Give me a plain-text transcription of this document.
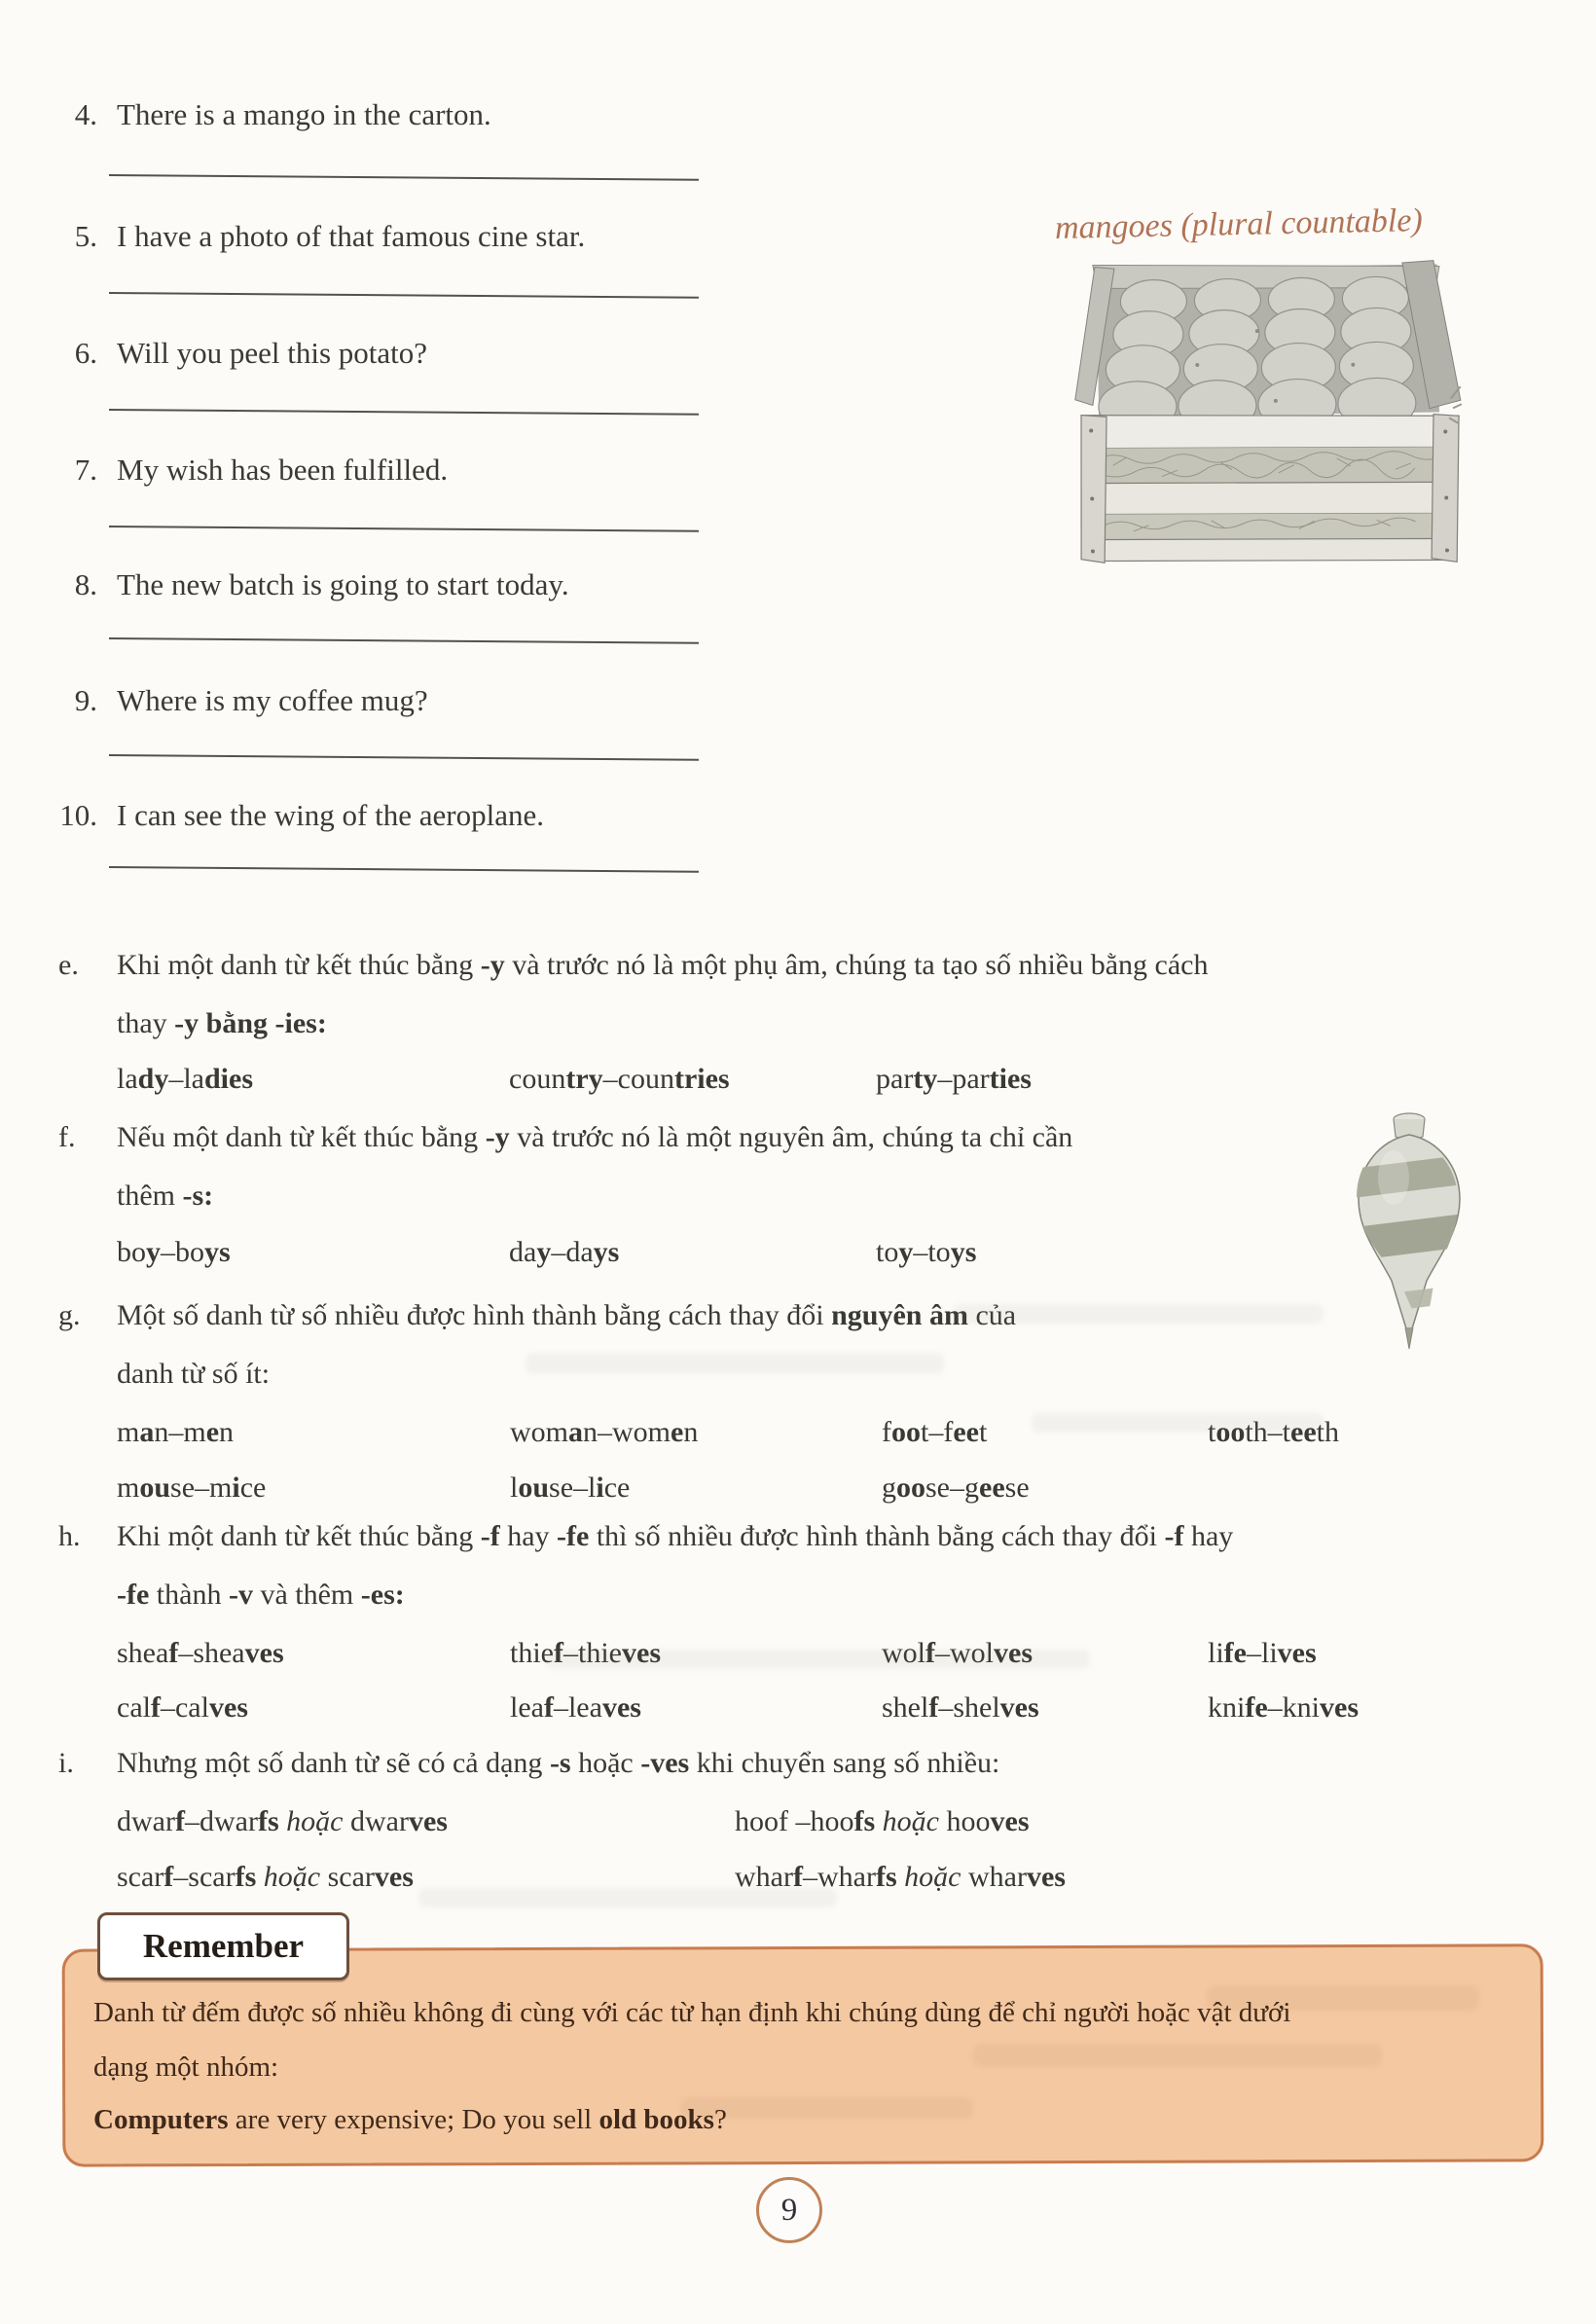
4. There is a mango in the carton.
5. I have a photo of that famous cine star.
6. Will you peel this potato?
7. My wish has been fulfilled.
8. The new batch is going to start today.
9. Where is my coffee mug?
10. I can see the wing of the aeroplane.
mangoes (plural countable)
e. Khi một danh từ kết thúc bằng -y và trước nó là một phụ âm, chúng ta tạo số nhiều bằng cách
thay -y bằng -ies:
lady–ladies	country–countries	party–parties
f. Nếu một danh từ kết thúc bằng -y và trước nó là một nguyên âm, chúng ta chỉ cần
thêm -s:
boy–boys	day–days	toy–toys
g. Một số danh từ số nhiều được hình thành bằng cách thay đổi nguyên âm của
danh từ số ít:
man–men	woman–women	foot–feet	tooth–teeth
mouse–mice	louse–lice	goose–geese
h. Khi một danh từ kết thúc bằng -f hay -fe thì số nhiều được hình thành bằng cách thay đổi -f hay
-fe thành -v và thêm -es:
sheaf–sheaves	thief–thieves	wolf–wolves	life–lives
calf–calves	leaf–leaves	shelf–shelves	knife–knives
i. Nhưng một số danh từ sẽ có cả dạng -s hoặc -ves khi chuyển sang số nhiều:
dwarf–dwarfs hoặc dwarves	hoof –hoofs hoặc hooves
scarf–scarfs hoặc scarves	wharf–wharfs hoặc wharves
Remember
Danh từ đếm được số nhiều không đi cùng với các từ hạn định khi chúng dùng để chỉ người hoặc vật dưới
dạng một nhóm:
Computers are very expensive; Do you sell old books?
9
